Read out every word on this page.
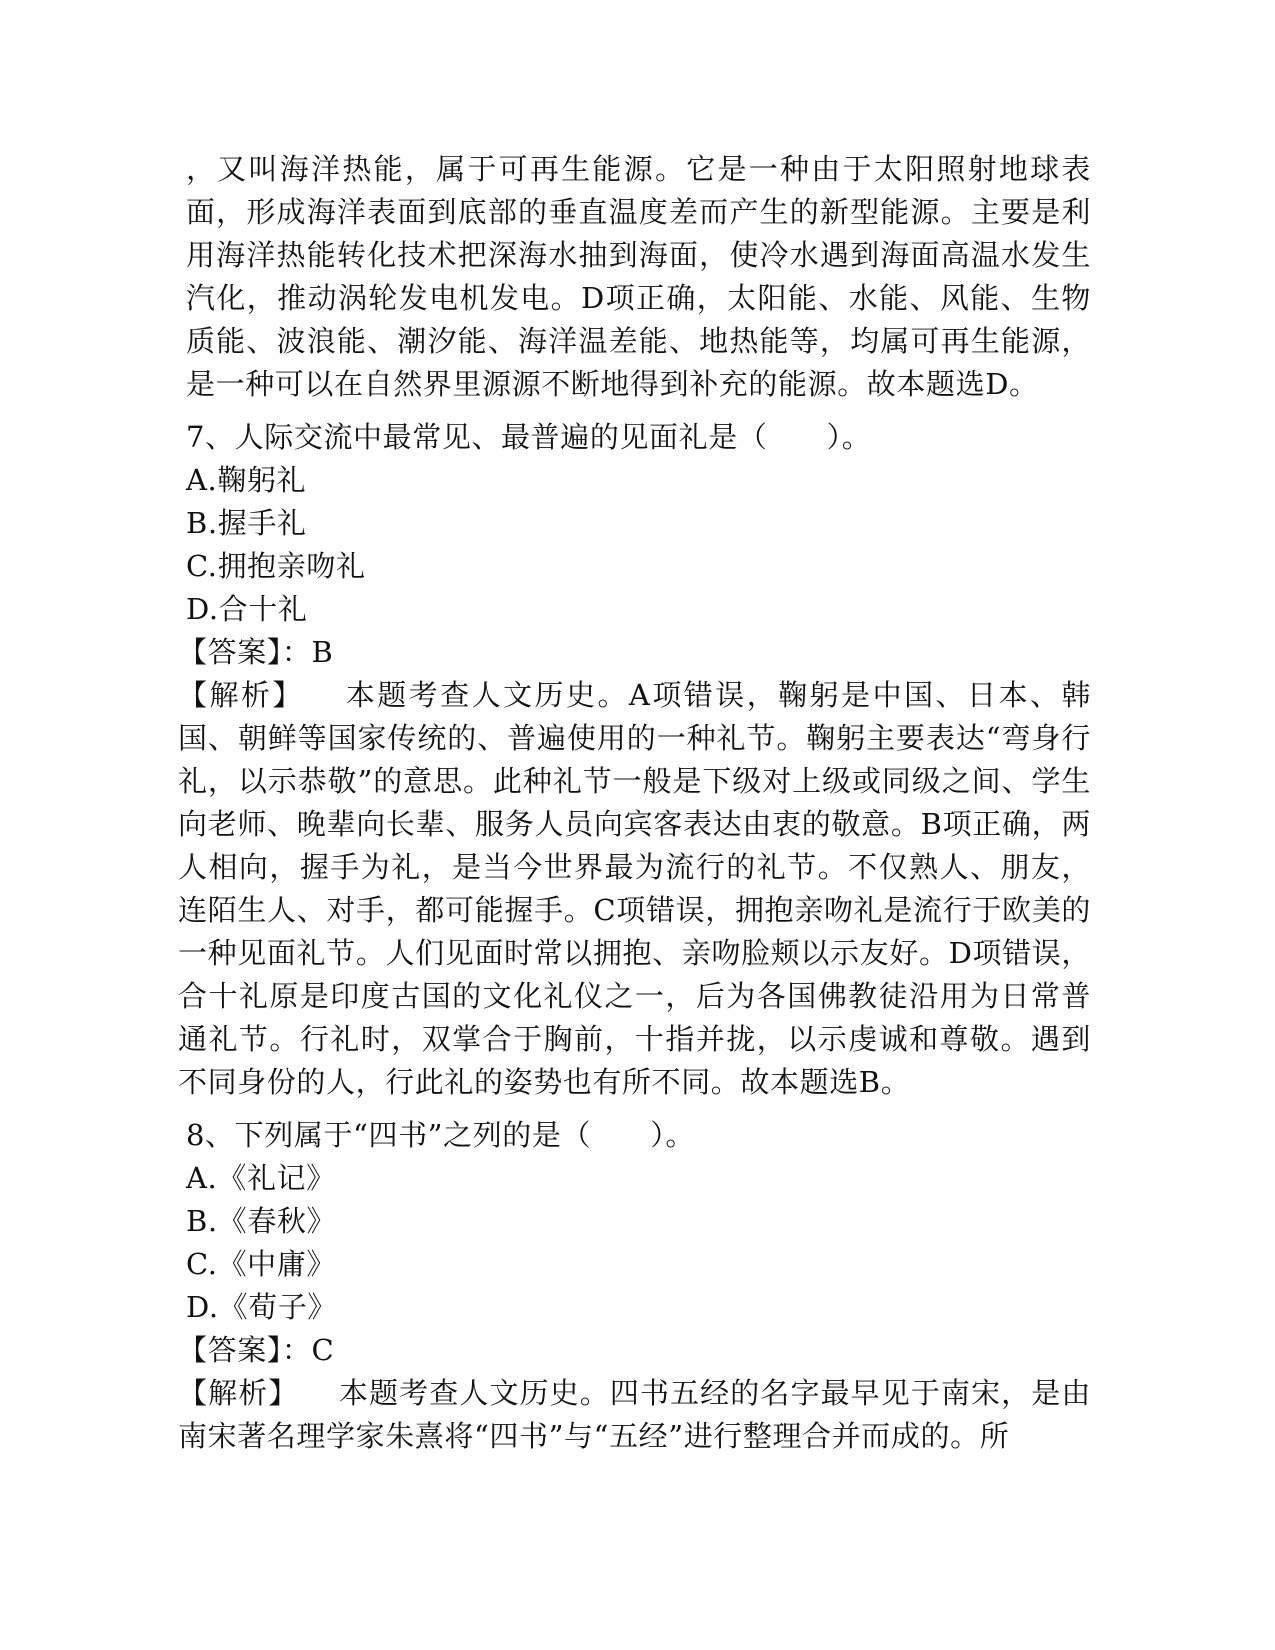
，又叫海洋热能，属于可再生能源。它是一种由于太阳照射地球表面，形成海洋表面到底部的垂直温度差而产生的新型能源。主要是利用海洋热能转化技术把深海水抽到海面，使冷水遇到海面高温水发生汽化，推动涡轮发电机发电。D项正确，太阳能、水能、风能、生物质能、波浪能、潮汐能、海洋温差能、地热能等，均属可再生能源，是一种可以在自然界里源源不断地得到补充的能源。故本题选D。

7、人际交流中最常见、最普遍的见面礼是（　　）。

A.鞠躬礼

B.握手礼

C.拥抱亲吻礼

D.合十礼

【答案】：B

【解析】 本题考查人文历史。A项错误，鞠躬是中国、日本、韩国、朝鲜等国家传统的、普遍使用的一种礼节。鞠躬主要表达“弯身行礼，以示恭敬”的意思。此种礼节一般是下级对上级或同级之间、学生向老师、晚辈向长辈、服务人员向宾客表达由衷的敬意。B项正确，两人相向，握手为礼，是当今世界最为流行的礼节。不仅熟人、朋友，连陌生人、对手，都可能握手。C项错误，拥抱亲吻礼是流行于欧美的一种见面礼节。人们见面时常以拥抱、亲吻脸颊以示友好。D项错误，合十礼原是印度古国的文化礼仪之一，后为各国佛教徒沿用为日常普通礼节。行礼时，双掌合于胸前，十指并拢，以示虔诚和尊敬。遇到不同身份的人，行此礼的姿势也有所不同。故本题选B。

8、下列属于“四书”之列的是（　　）。

A.《礼记》

B.《春秋》

C.《中庸》

D.《荀子》

【答案】：C

【解析】 本题考查人文历史。四书五经的名字最早见于南宋，是由南宋著名理学家朱熹将“四书”与“五经”进行整理合并而成的。所
